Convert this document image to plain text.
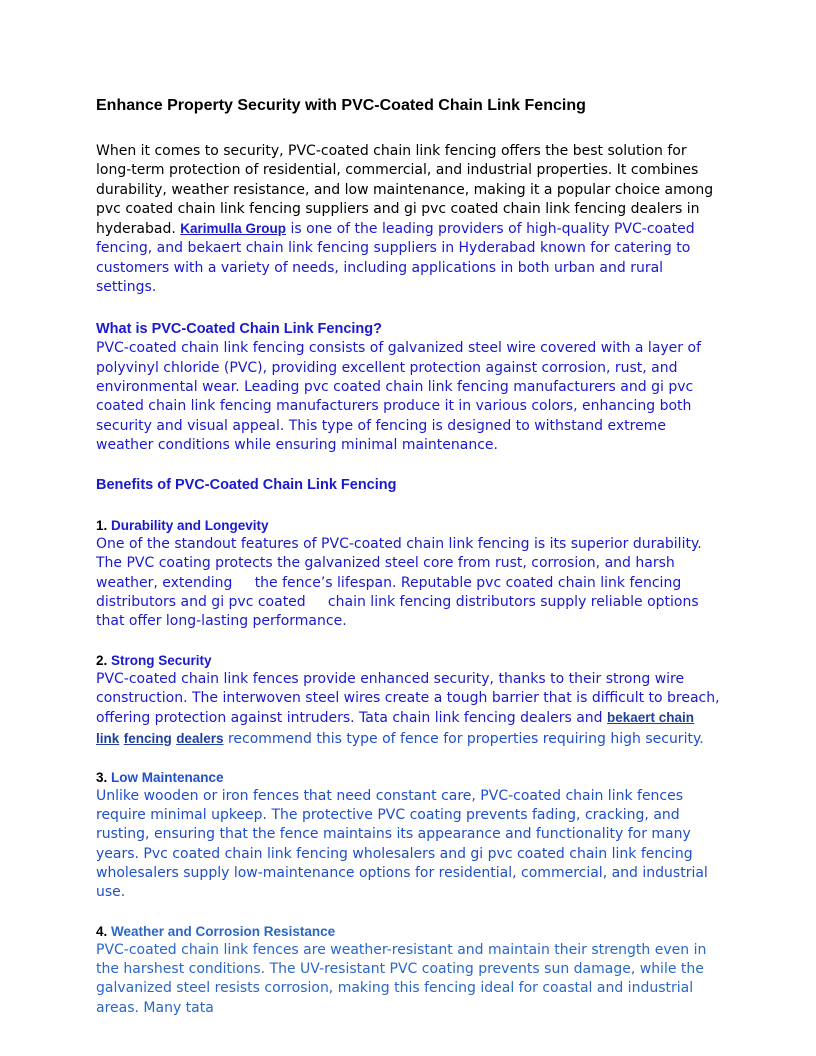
Enhance Property Security with PVC-Coated Chain Link Fencing

When it comes to security, PVC-coated chain link fencing offers the best solution for long-term protection of residential, commercial, and industrial properties. It combines durability, weather resistance, and low maintenance, making it a popular choice among pvc coated chain link fencing suppliers and gi pvc coated chain link fencing dealers in hyderabad. Karimulla Group is one of the leading providers of high-quality PVC-coated fencing, and bekaert chain link fencing suppliers in Hyderabad known for catering to customers with a variety of needs, including applications in both urban and rural settings.

What is PVC-Coated Chain Link Fencing?

PVC-coated chain link fencing consists of galvanized steel wire covered with a layer of polyvinyl chloride (PVC), providing excellent protection against corrosion, rust, and environmental wear. Leading pvc coated chain link fencing manufacturers and gi pvc coated chain link fencing manufacturers produce it in various colors, enhancing both security and visual appeal. This type of fencing is designed to withstand extreme weather conditions while ensuring minimal maintenance.

Benefits of PVC-Coated Chain Link Fencing
1. Durability and Longevity

One of the standout features of PVC-coated chain link fencing is its superior durability. The PVC coating protects the galvanized steel core from rust, corrosion, and harsh weather, extending     the fence’s lifespan. Reputable pvc coated chain link fencing distributors and gi pvc coated     chain link fencing distributors supply reliable options that offer long-lasting performance.

2. Strong Security

PVC-coated chain link fences provide enhanced security, thanks to their strong wire construction. The interwoven steel wires create a tough barrier that is difficult to breach, offering protection against intruders. Tata chain link fencing dealers and bekaert chain link fencing dealers recommend this type of fence for properties requiring high security.

3. Low Maintenance

Unlike wooden or iron fences that need constant care, PVC-coated chain link fences require minimal upkeep. The protective PVC coating prevents fading, cracking, and rusting, ensuring that the fence maintains its appearance and functionality for many years. Pvc coated chain link fencing wholesalers and gi pvc coated chain link fencing wholesalers supply low-maintenance options for residential, commercial, and industrial use.

4. Weather and Corrosion Resistance

PVC-coated chain link fences are weather-resistant and maintain their strength even in the harshest conditions. The UV-resistant PVC coating prevents sun damage, while the galvanized steel resists corrosion, making this fencing ideal for coastal and industrial areas. Many tata
